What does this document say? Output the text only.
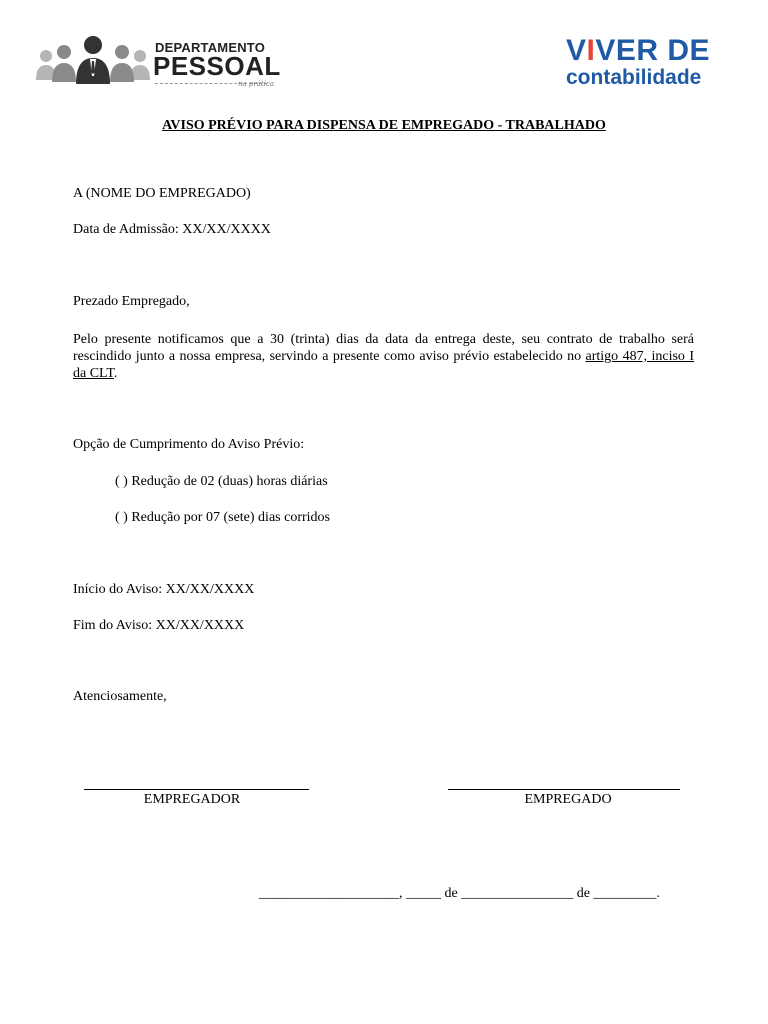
DEPARTAMENTO
PESSOAL
na prática
VIVER DE
contabilidade
AVISO PRÉVIO PARA DISPENSA DE EMPREGADO - TRABALHADO
A (NOME DO EMPREGADO)
Data de Admissão: XX/XX/XXXX
Prezado Empregado,
Pelo presente notificamos que a 30 (trinta) dias da data da entrega deste, seu contrato de trabalho será rescindido junto a nossa empresa, servindo a presente como aviso prévio estabelecido no artigo 487, inciso I da CLT.
Opção de Cumprimento do Aviso Prévio:
( ) Redução de 02 (duas) horas diárias
( ) Redução por 07 (sete) dias corridos
Início do Aviso: XX/XX/XXXX
Fim do Aviso: XX/XX/XXXX
Atenciosamente,
EMPREGADOR	EMPREGADO
____________________, _____ de ________________ de _________.
